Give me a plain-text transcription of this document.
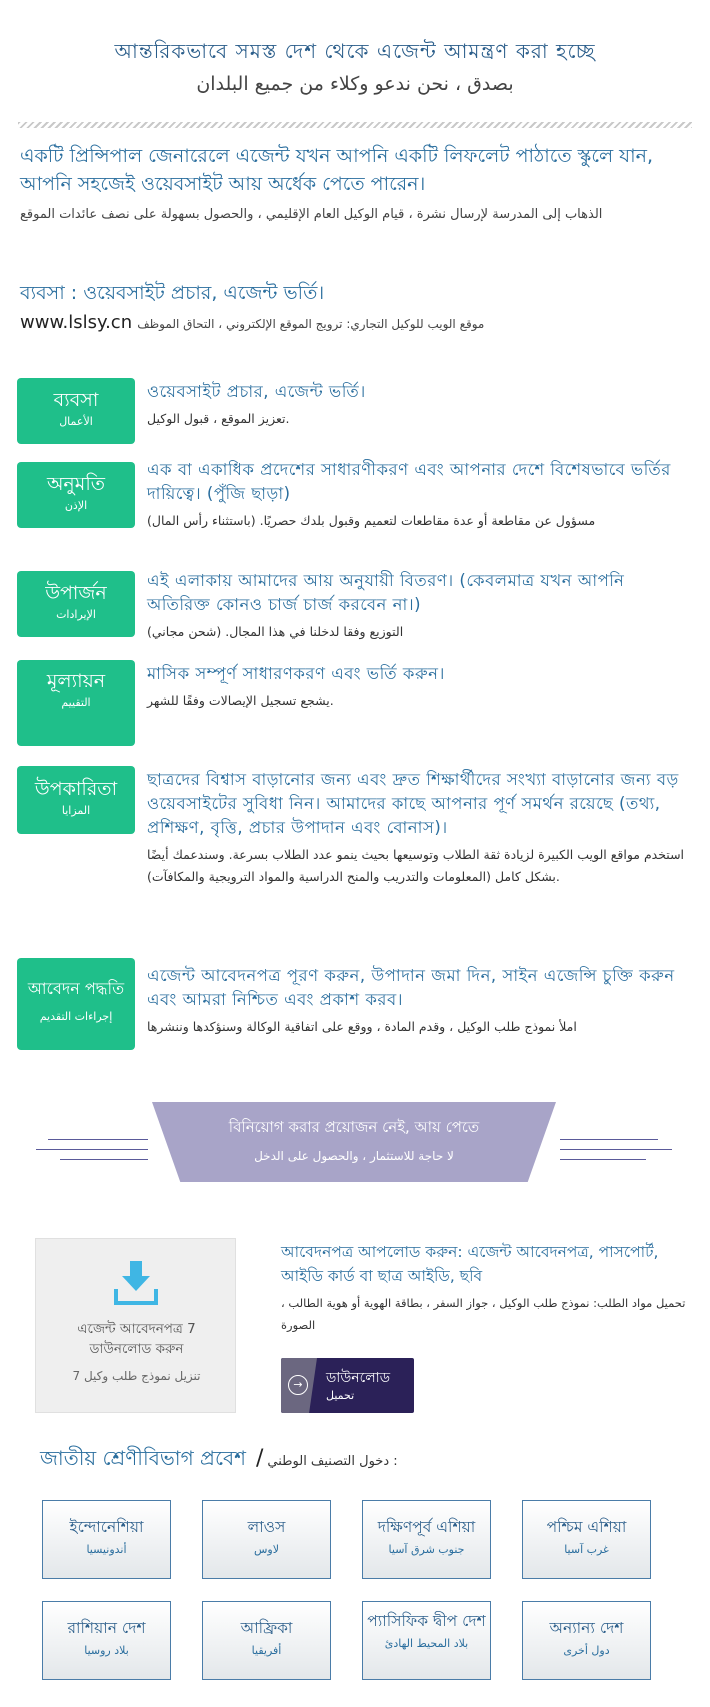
আন্তরিকভাবে সমস্ত দেশ থেকে এজেন্ট আমন্ত্রণ করা হচ্ছে
بصدق ، نحن ندعو وكلاء من جميع البلدان
একটি প্রিন্সিপাল জেনারেলে এজেন্ট যখন আপনি একটি লিফলেট পাঠাতে স্কুলে যান, আপনি সহজেই ওয়েবসাইট আয় অর্ধেক পেতে পারেন।
الذهاب إلى المدرسة لإرسال نشرة ، قيام الوكيل العام الإقليمي ، والحصول بسهولة على نصف عائدات الموقع
ব্যবসা : ওয়েবসাইট প্রচার, এজেন্ট ভর্তি।
www.lslsy.cn موقع الويب للوكيل التجاري: ترويج الموقع الإلكتروني ، التحاق الموظف
ব্যবসা
الأعمال
ওয়েবসাইট প্রচার, এজেন্ট ভর্তি।
تعزيز الموقع ، قبول الوكيل.
অনুমতি
الإذن
এক বা একাধিক প্রদেশের সাধারণীকরণ এবং আপনার দেশে বিশেষভাবে ভর্তির দায়িত্বে। (পুঁজি ছাড়া)
مسؤول عن مقاطعة أو عدة مقاطعات لتعميم وقبول بلدك حصريًا. (باستثناء رأس المال)
উপার্জন
الإيرادات
এই এলাকায় আমাদের আয় অনুযায়ী বিতরণ। (কেবলমাত্র যখন আপনি অতিরিক্ত কোনও চার্জ চার্জ করবেন না।)
التوزيع وفقا لدخلنا في هذا المجال. (شحن مجاني)
মূল্যায়ন
التقييم
মাসিক সম্পূর্ণ সাধারণকরণ এবং ভর্তি করুন।
يشجع تسجيل الإيصالات وفقًا للشهر.
উপকারিতা
المزايا
ছাত্রদের বিশ্বাস বাড়ানোর জন্য এবং দ্রুত শিক্ষার্থীদের সংখ্যা বাড়ানোর জন্য বড় ওয়েবসাইটের সুবিধা নিন। আমাদের কাছে আপনার পূর্ণ সমর্থন রয়েছে (তথ্য, প্রশিক্ষণ, বৃত্তি, প্রচার উপাদান এবং বোনাস)।
استخدم مواقع الويب الكبيرة لزيادة ثقة الطلاب وتوسيعها بحيث ينمو عدد الطلاب بسرعة. وسندعمك أيضًا بشكل كامل (المعلومات والتدريب والمنح الدراسية والمواد الترويجية والمكافآت).
আবেদন পদ্ধতি
إجراءات التقديم
এজেন্ট আবেদনপত্র পূরণ করুন, উপাদান জমা দিন, সাইন এজেন্সি চুক্তি করুন এবং আমরা নিশ্চিত এবং প্রকাশ করব।
املأ نموذج طلب الوكيل ، وقدم المادة ، ووقع على اتفاقية الوكالة وسنؤكدها وننشرها
বিনিয়োগ করার প্রয়োজন নেই, আয় পেতে
لا حاجة للاستثمار ، والحصول على الدخل
এজেন্ট আবেদনপত্র 7 ডাউনলোড করুন
تنزيل نموذج طلب وكيل 7
আবেদনপত্র আপলোড করুন: এজেন্ট আবেদনপত্র, পাসপোর্ট, আইডি কার্ড বা ছাত্র আইডি, ছবি
تحميل مواد الطلب: نموذج طلب الوكيل ، جواز السفر ، بطاقة الهوية أو هوية الطالب ، الصورة
→	ডাউনলোড
تحميل
জাতীয় শ্রেণীবিভাগ প্রবেশ / دخول التصنيف الوطني :
ইন্দোনেশিয়া
أندونيسيا
লাওস
لاوس
দক্ষিণপূর্ব এশিয়া
جنوب شرق آسيا
পশ্চিম এশিয়া
غرب آسيا
রাশিয়ান দেশ
بلاد روسيا
আফ্রিকা
أفريقيا
প্যাসিফিক দ্বীপ দেশ
بلاد المحيط الهادئ
অন্যান্য দেশ
دول أخرى
